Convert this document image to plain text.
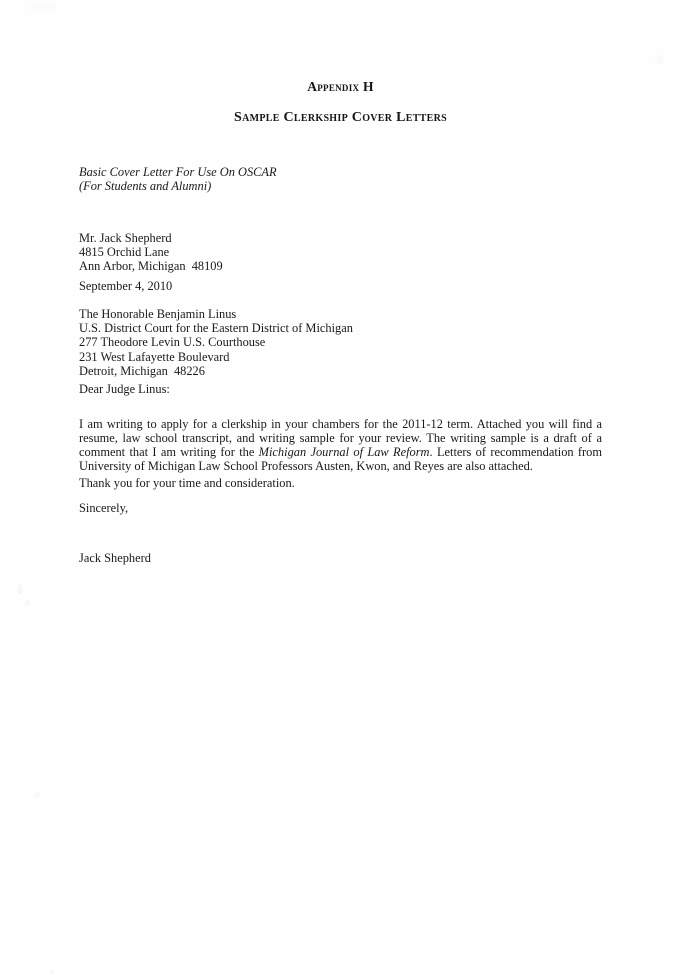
Appendix H
Sample Clerkship Cover Letters
Basic Cover Letter For Use On OSCAR
(For Students and Alumni)
Mr. Jack Shepherd
4815 Orchid Lane
Ann Arbor, Michigan  48109
September 4, 2010
The Honorable Benjamin Linus
U.S. District Court for the Eastern District of Michigan
277 Theodore Levin U.S. Courthouse
231 West Lafayette Boulevard
Detroit, Michigan  48226
Dear Judge Linus:

I am writing to apply for a clerkship in your chambers for the 2011-12 term. Attached you will find a resume, law school transcript, and writing sample for your review. The writing sample is a draft of a comment that I am writing for the Michigan Journal of Law Reform. Letters of recommendation from University of Michigan Law School Professors Austen, Kwon, and Reyes are also attached.

Thank you for your time and consideration.
Sincerely,
Jack Shepherd
